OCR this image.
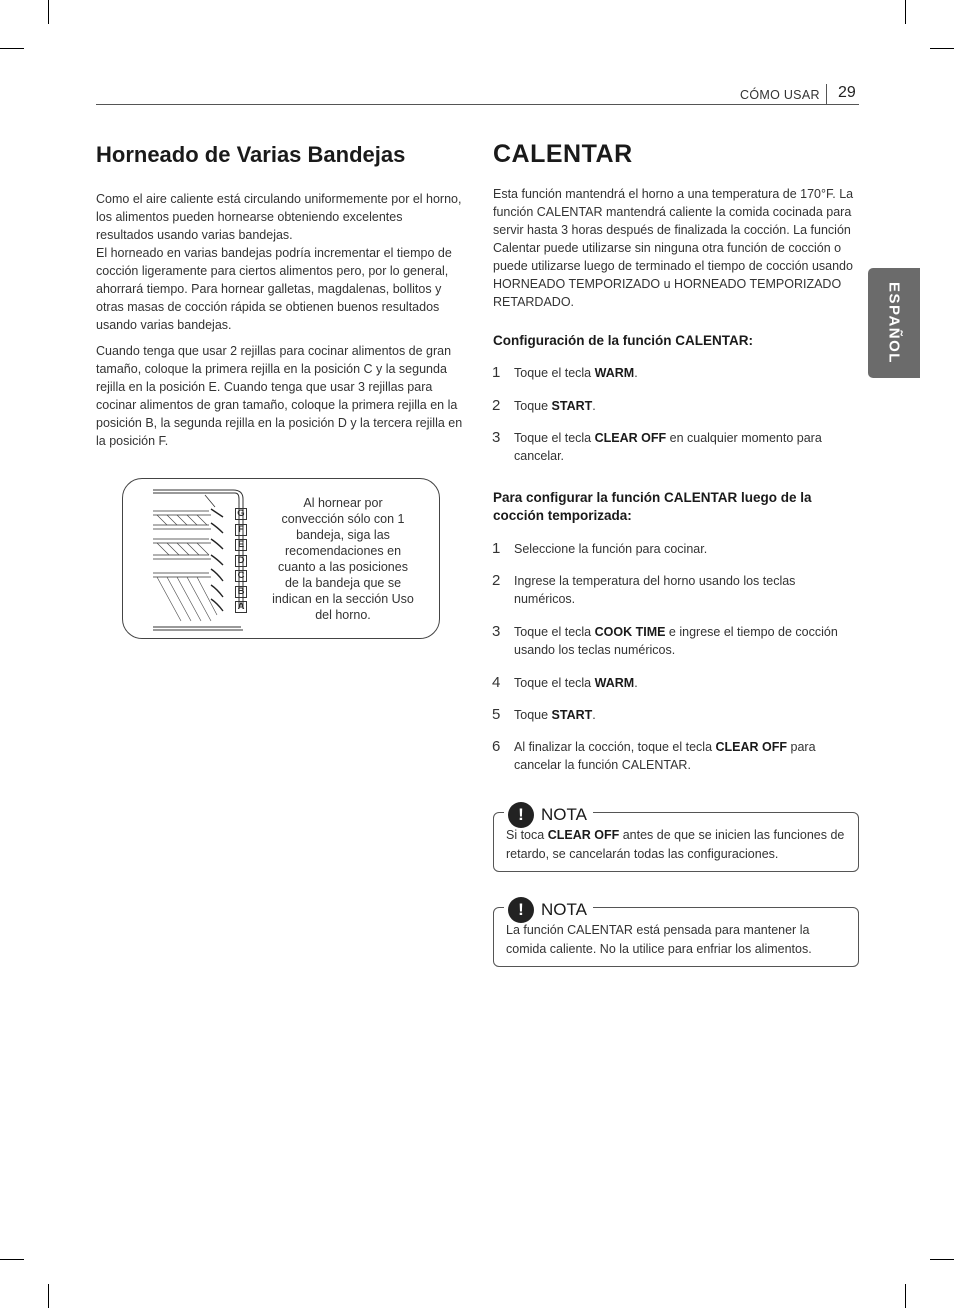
CÓMO USAR 29
ESPAÑOL
Horneado de Varias Bandejas
Como el aire caliente está circulando uniformemente por el horno, los alimentos pueden hornearse obteniendo excelentes resultados usando varias bandejas.
El horneado en varias bandejas podría incrementar el tiempo de cocción ligeramente para ciertos alimentos pero, por lo general, ahorrará tiempo. Para hornear galletas, magdalenas, bollitos y otras masas de cocción rápida se obtienen buenos resultados usando varias bandejas.
Cuando tenga que usar 2 rejillas para cocinar alimentos de gran tamaño, coloque la primera rejilla en la posición C y la segunda rejilla en la posición E. Cuando tenga que usar 3 rejillas para cocinar alimentos de gran tamaño, coloque la primera rejilla en la posición B, la segunda rejilla en la posición D y la tercera rejilla en la posición F.
G
F
E
D
C
B
A
Al hornear por convección sólo con 1 bandeja, siga las recomendaciones en cuanto a las posiciones de la bandeja que se indican en la sección Uso del horno.
CALENTAR
Esta función mantendrá el horno a una temperatura de 170°F. La función CALENTAR mantendrá caliente la comida cocinada para servir hasta 3 horas después de finalizada la cocción. La función Calentar puede utilizarse sin ninguna otra función de cocción o puede utilizarse luego de terminado el tiempo de cocción usando HORNEADO TEMPORIZADO u HORNEADO TEMPORIZADO RETARDADO.
Configuración de la función CALENTAR:
1 Toque el tecla WARM.
2 Toque START.
3 Toque el tecla CLEAR OFF en cualquier momento para cancelar.
Para configurar la función CALENTAR luego de la cocción temporizada:
1 Seleccione la función para cocinar.
2 Ingrese la temperatura del horno usando los teclas numéricos.
3 Toque el tecla COOK TIME e ingrese el tiempo de cocción usando los teclas numéricos.
4 Toque el tecla WARM.
5 Toque START.
6 Al finalizar la cocción, toque el tecla CLEAR OFF para cancelar la función CALENTAR.
!	NOTA
Si toca CLEAR OFF antes de que se inicien las funciones de retardo, se cancelarán todas las configuraciones.
!	NOTA
La función CALENTAR está pensada para mantener la comida caliente. No la utilice para enfriar los alimentos.
